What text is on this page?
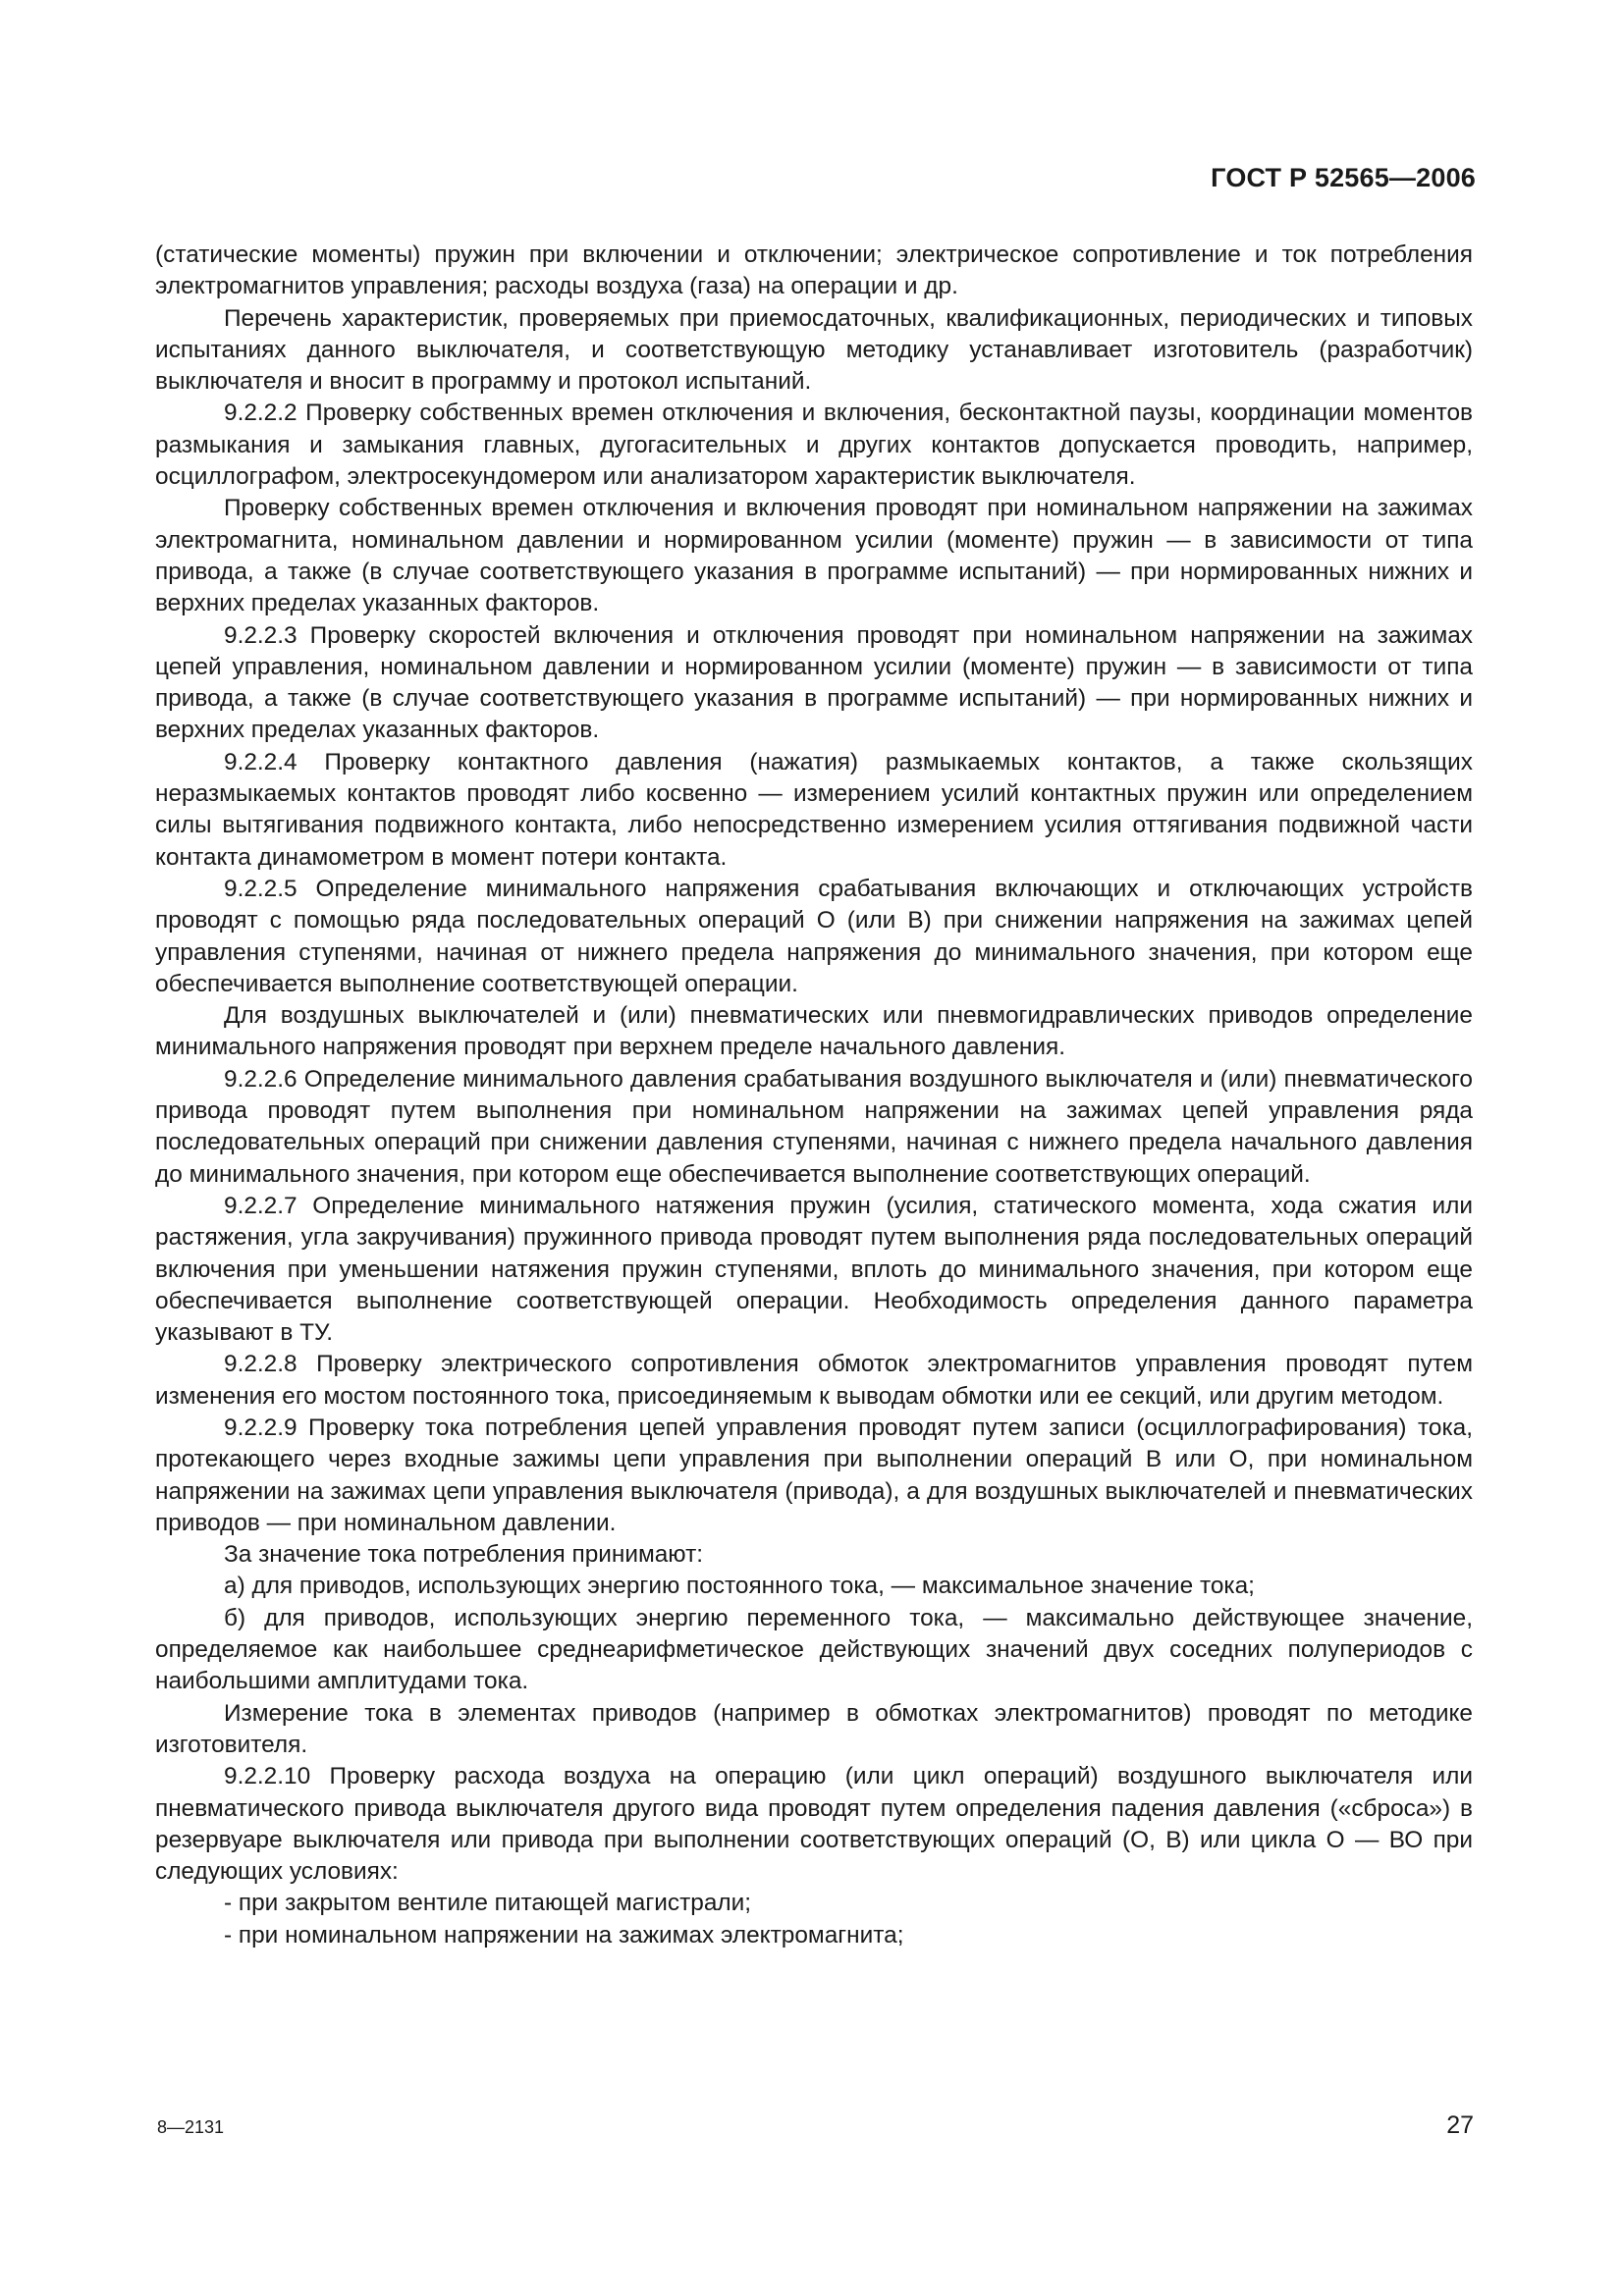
ГОСТ Р 52565—2006

(статические моменты) пружин при включении и отключении; электрическое сопротивление и ток потребления электромагнитов управления; расходы воздуха (газа) на операции и др.

Перечень характеристик, проверяемых при приемосдаточных, квалификационных, периодических и типовых испытаниях данного выключателя, и соответствующую методику устанавливает изготовитель (разработчик) выключателя и вносит в программу и протокол испытаний.

9.2.2.2 Проверку собственных времен отключения и включения, бесконтактной паузы, координации моментов размыкания и замыкания главных, дугогасительных и других контактов допускается проводить, например, осциллографом, электросекундомером или анализатором характеристик выключателя.

Проверку собственных времен отключения и включения проводят при номинальном напряжении на зажимах электромагнита, номинальном давлении и нормированном усилии (моменте) пружин — в зависимости от типа привода, а также (в случае соответствующего указания в программе испытаний) — при нормированных нижних и верхних пределах указанных факторов.

9.2.2.3 Проверку скоростей включения и отключения проводят при номинальном напряжении на зажимах цепей управления, номинальном давлении и нормированном усилии (моменте) пружин — в зависимости от типа привода, а также (в случае соответствующего указания в программе испытаний) — при нормированных нижних и верхних пределах указанных факторов.

9.2.2.4 Проверку контактного давления (нажатия) размыкаемых контактов, а также скользящих неразмыкаемых контактов проводят либо косвенно — измерением усилий контактных пружин или определением силы вытягивания подвижного контакта, либо непосредственно измерением усилия оттягивания подвижной части контакта динамометром в момент потери контакта.

9.2.2.5 Определение минимального напряжения срабатывания включающих и отключающих устройств проводят с помощью ряда последовательных операций О (или В) при снижении напряжения на зажимах цепей управления ступенями, начиная от нижнего предела напряжения до минимального значения, при котором еще обеспечивается выполнение соответствующей операции.

Для воздушных выключателей и (или) пневматических или пневмогидравлических приводов определение минимального напряжения проводят при верхнем пределе начального давления.

9.2.2.6 Определение минимального давления срабатывания воздушного выключателя и (или) пневматического привода проводят путем выполнения при номинальном напряжении на зажимах цепей управления ряда последовательных операций при снижении давления ступенями, начиная с нижнего предела начального давления до минимального значения, при котором еще обеспечивается выполнение соответствующих операций.

9.2.2.7 Определение минимального натяжения пружин (усилия, статического момента, хода сжатия или растяжения, угла закручивания) пружинного привода проводят путем выполнения ряда последовательных операций включения при уменьшении натяжения пружин ступенями, вплоть до минимального значения, при котором еще обеспечивается выполнение соответствующей операции. Необходимость определения данного параметра указывают в ТУ.

9.2.2.8 Проверку электрического сопротивления обмоток электромагнитов управления проводят путем изменения его мостом постоянного тока, присоединяемым к выводам обмотки или ее секций, или другим методом.

9.2.2.9 Проверку тока потребления цепей управления проводят путем записи (осциллографирования) тока, протекающего через входные зажимы цепи управления при выполнении операций В или О, при номинальном напряжении на зажимах цепи управления выключателя (привода), а для воздушных выключателей и пневматических приводов — при номинальном давлении.

За значение тока потребления принимают:

а) для приводов, использующих энергию постоянного тока, — максимальное значение тока;

б) для приводов, использующих энергию переменного тока, — максимально действующее значение, определяемое как наибольшее среднеарифметическое действующих значений двух соседних полупериодов с наибольшими амплитудами тока.

Измерение тока в элементах приводов (например в обмотках электромагнитов) проводят по методике изготовителя.

9.2.2.10 Проверку расхода воздуха на операцию (или цикл операций) воздушного выключателя или пневматического привода выключателя другого вида проводят путем определения падения давления («сброса») в резервуаре выключателя или привода при выполнении соответствующих операций (О, В) или цикла О — ВО при следующих условиях:

- при закрытом вентиле питающей магистрали;

- при номинальном напряжении на зажимах электромагнита;

8—2131	27
